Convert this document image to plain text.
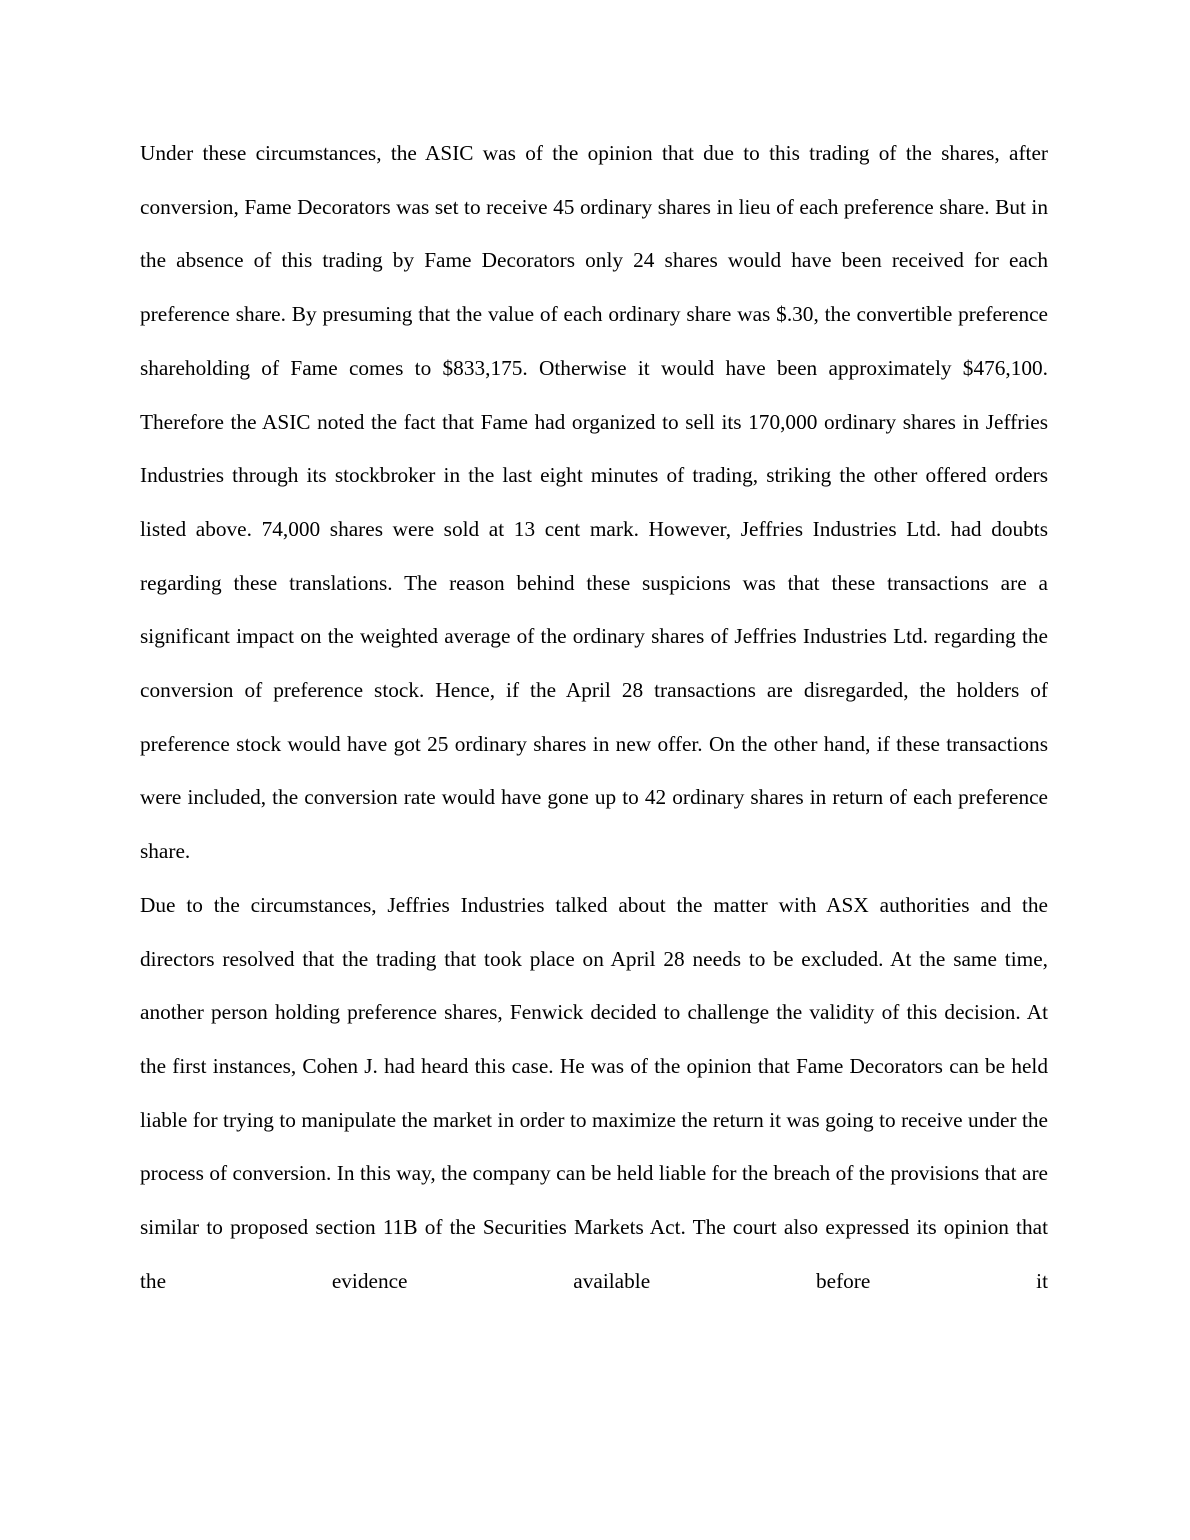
Under these circumstances, the ASIC was of the opinion that due to this trading of the shares, after conversion, Fame Decorators was set to receive 45 ordinary shares in lieu of each preference share. But in the absence of this trading by Fame Decorators only 24 shares would have been received for each preference share. By presuming that the value of each ordinary share was $.30, the convertible preference shareholding of Fame comes to $833,175. Otherwise it would have been approximately $476,100. Therefore the ASIC noted the fact that Fame had organized to sell its 170,000 ordinary shares in Jeffries Industries through its stockbroker in the last eight minutes of trading, striking the other offered orders listed above. 74,000 shares were sold at 13 cent mark. However, Jeffries Industries Ltd. had doubts regarding these translations. The reason behind these suspicions was that these transactions are a significant impact on the weighted average of the ordinary shares of Jeffries Industries Ltd. regarding the conversion of preference stock. Hence, if the April 28 transactions are disregarded, the holders of preference stock would have got 25 ordinary shares in new offer. On the other hand, if these transactions were included, the conversion rate would have gone up to 42 ordinary shares in return of each preference share.

Due to the circumstances, Jeffries Industries talked about the matter with ASX authorities and the directors resolved that the trading that took place on April 28 needs to be excluded. At the same time, another person holding preference shares, Fenwick decided to challenge the validity of this decision. At the first instances, Cohen J. had heard this case. He was of the opinion that Fame Decorators can be held liable for trying to manipulate the market in order to maximize the return it was going to receive under the process of conversion. In this way, the company can be held liable for the breach of the provisions that are similar to proposed section 11B of the Securities Markets Act. The court also expressed its opinion that the evidence available before it
